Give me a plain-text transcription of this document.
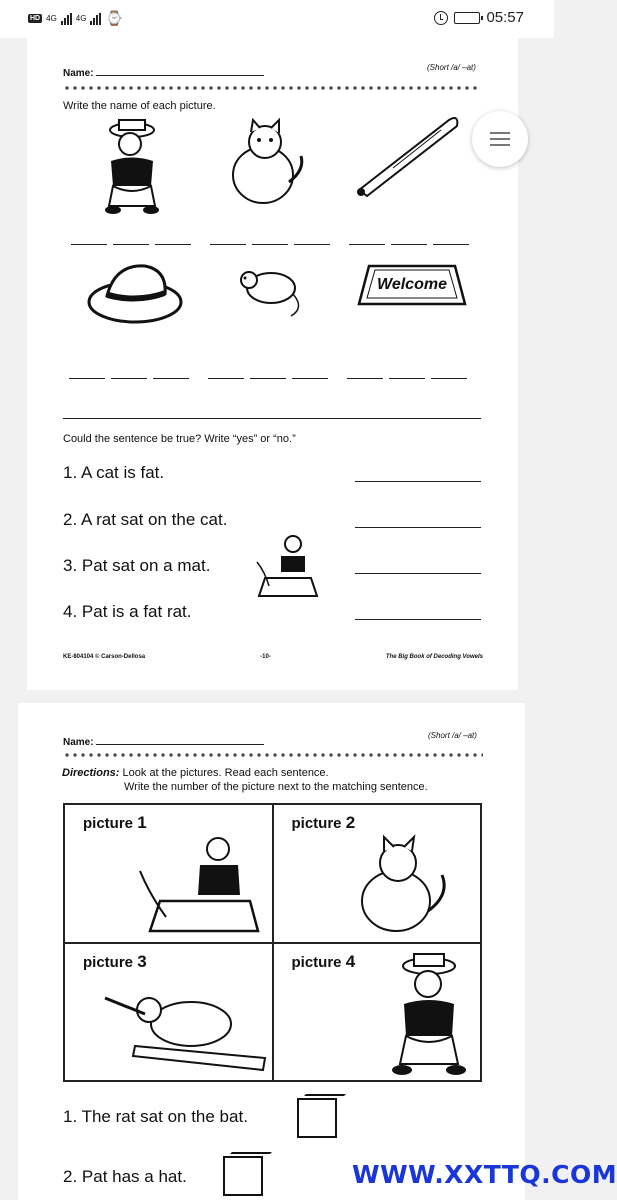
HD 4G 4G ⌚	05:57
Name:
(Short /a/ –at)
Write the name of each picture.
Welcome
Could the sentence be true? Write “yes” or “no.”
1. A cat is fat.
2. A rat sat on the cat.
3. Pat sat on a mat.
4. Pat is a fat rat.
KE-804104 © Carson-Dellosa	-10-	The Big Book of Decoding Vowels
Name:
(Short /a/ –at)
Directions: Look at the pictures. Read each sentence.
Write the number of the picture next to the matching sentence.
picture 1	picture 2
picture 3	picture 4
1. The rat sat on the bat.
2. Pat has a hat.	WWW.XXTTQ.COM
